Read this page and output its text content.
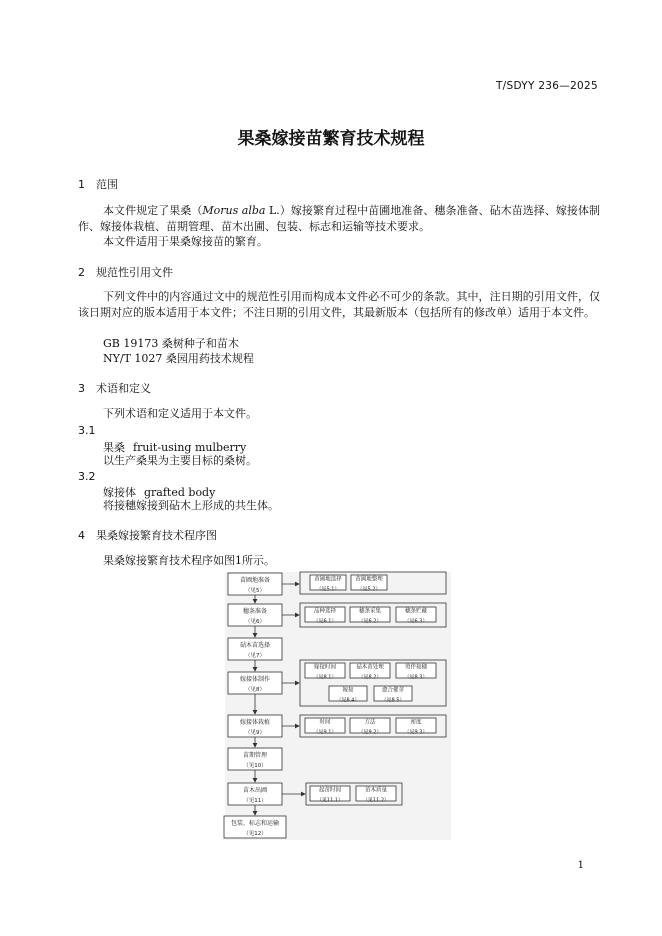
T/SDYY 236—2025
果桑嫁接苗繁育技术规程
1 范围
本文件规定了果桑（Morus alba L.）嫁接繁育过程中苗圃地准备、穗条准备、砧木苗选择、嫁接体制作、嫁接体栽植、苗期管理、苗木出圃、包装、标志和运输等技术要求。
本文件适用于果桑嫁接苗的繁育。
2 规范性引用文件
下列文件中的内容通过文中的规范性引用而构成本文件必不可少的条款。其中，注日期的引用文件，仅该日期对应的版本适用于本文件；不注日期的引用文件，其最新版本（包括所有的修改单）适用于本文件。
GB 19173 桑树种子和苗木
NY/T 1027 桑园用药技术规程
3 术语和定义
下列术语和定义适用于本文件。
3.1
果桑 fruit-using mulberry
以生产桑果为主要目标的桑树。
3.2
嫁接体 grafted body
将接穗嫁接到砧木上形成的共生体。
4 果桑嫁接繁育技术程序图
果桑嫁接繁育技术程序如图1所示。
苗圃地准备
（见5）
穗条准备
（见6）
砧木苗选择
（见7）
嫁接体制作
（见8）
嫁接体栽植
（见9）
苗期管理
（见10）
苗木出圃
（见11）
包装、标志和运输
（见12）
苗圃地选择
（见5.1）
苗圃地整理
（见5.2）
品种选择
（见6.1）
穗条采集
（见6.2）
穗条贮藏
（见6.3）
嫁接时间
（见8.1）
砧木苗处理
（见8.2）
剪伴接穗
（见8.3）
嫁接
（见8.4）
愈合催芽
（见8.5）
时间
（见9.1）
方法
（见9.2）
密度
（见9.3）
起苗时间
（见11.1）
苗木质量
（见11.2）
1
